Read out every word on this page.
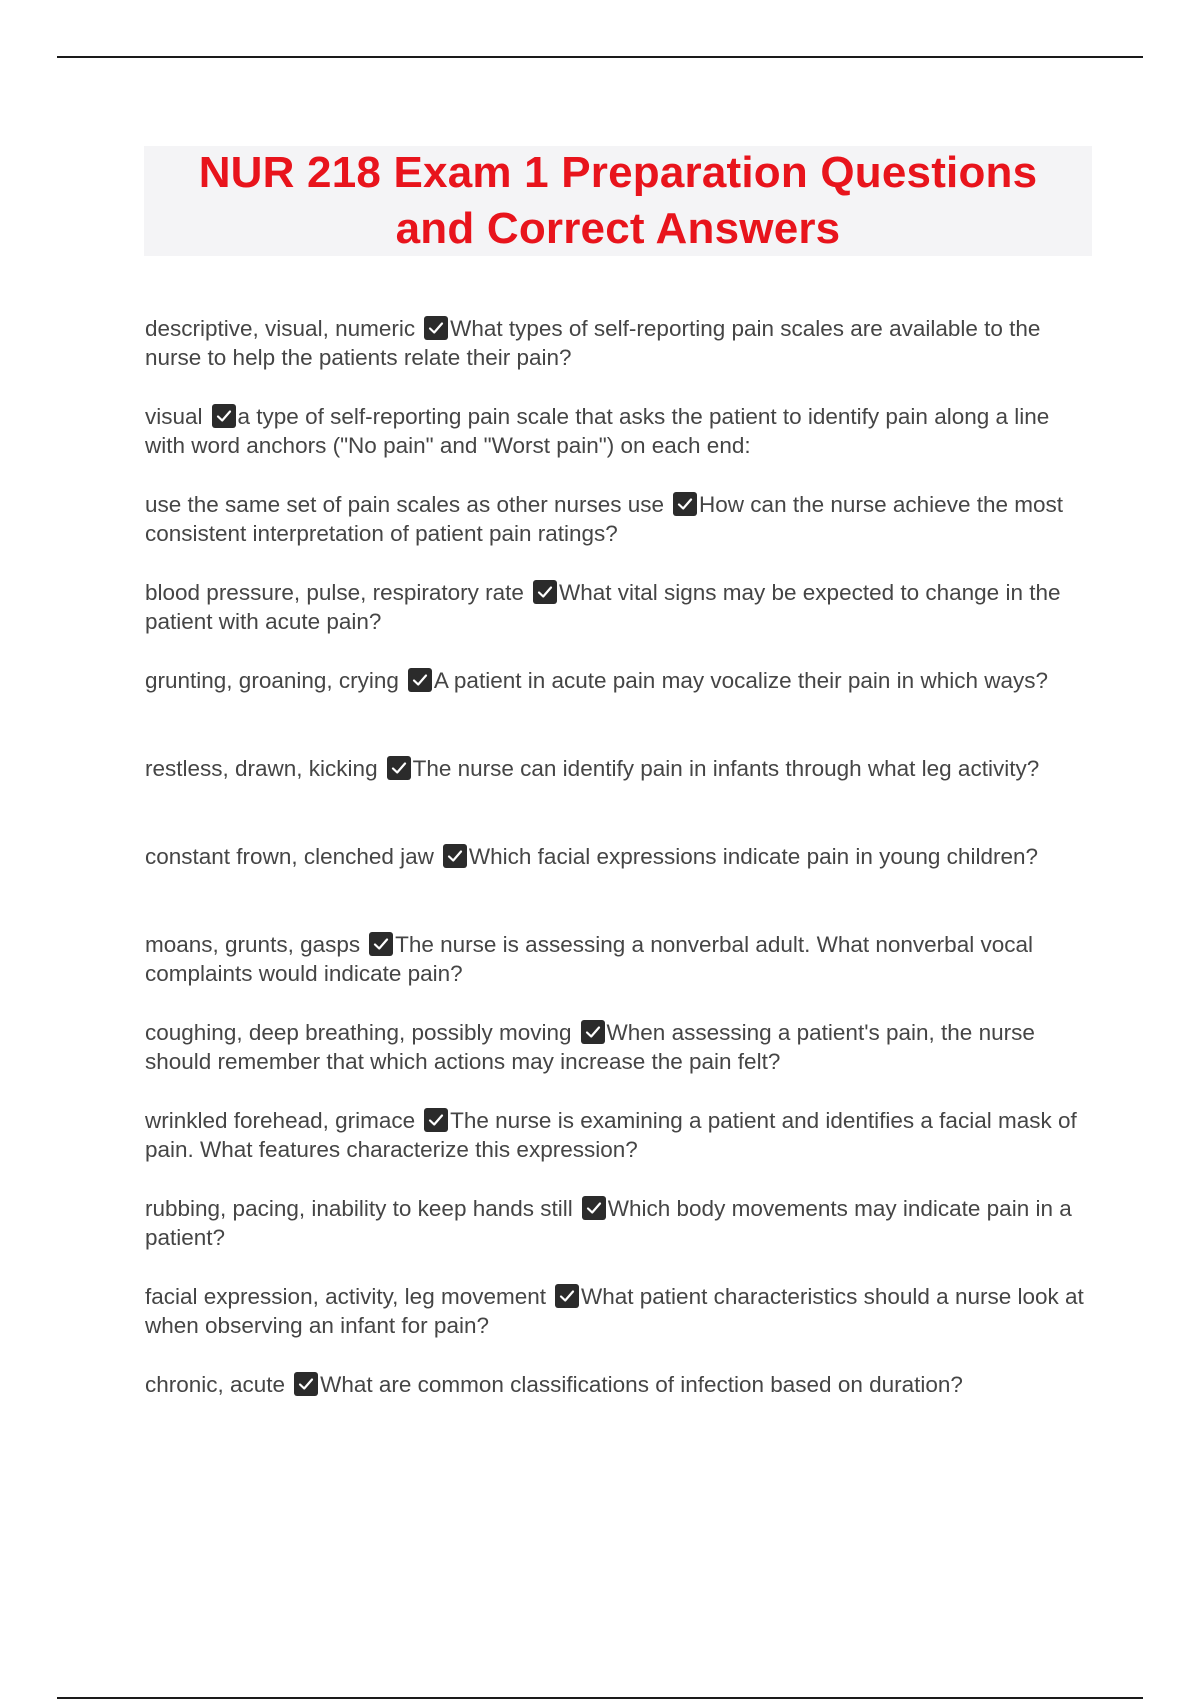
NUR 218 Exam 1 Preparation Questions
and Correct Answers
descriptive, visual, numeric What types of self-reporting pain scales are available to the nurse to help the patients relate their pain?
visual a type of self-reporting pain scale that asks the patient to identify pain along a line with word anchors ("No pain" and "Worst pain") on each end:
use the same set of pain scales as other nurses use How can the nurse achieve the most consistent interpretation of patient pain ratings?
blood pressure, pulse, respiratory rate What vital signs may be expected to change in the patient with acute pain?
grunting, groaning, crying A patient in acute pain may vocalize their pain in which ways?
restless, drawn, kicking The nurse can identify pain in infants through what leg activity?
constant frown, clenched jaw Which facial expressions indicate pain in young children?
moans, grunts, gasps The nurse is assessing a nonverbal adult. What nonverbal vocal complaints would indicate pain?
coughing, deep breathing, possibly moving When assessing a patient's pain, the nurse should remember that which actions may increase the pain felt?
wrinkled forehead, grimace The nurse is examining a patient and identifies a facial mask of pain. What features characterize this expression?
rubbing, pacing, inability to keep hands still Which body movements may indicate pain in a patient?
facial expression, activity, leg movement What patient characteristics should a nurse look at when observing an infant for pain?
chronic, acute What are common classifications of infection based on duration?
